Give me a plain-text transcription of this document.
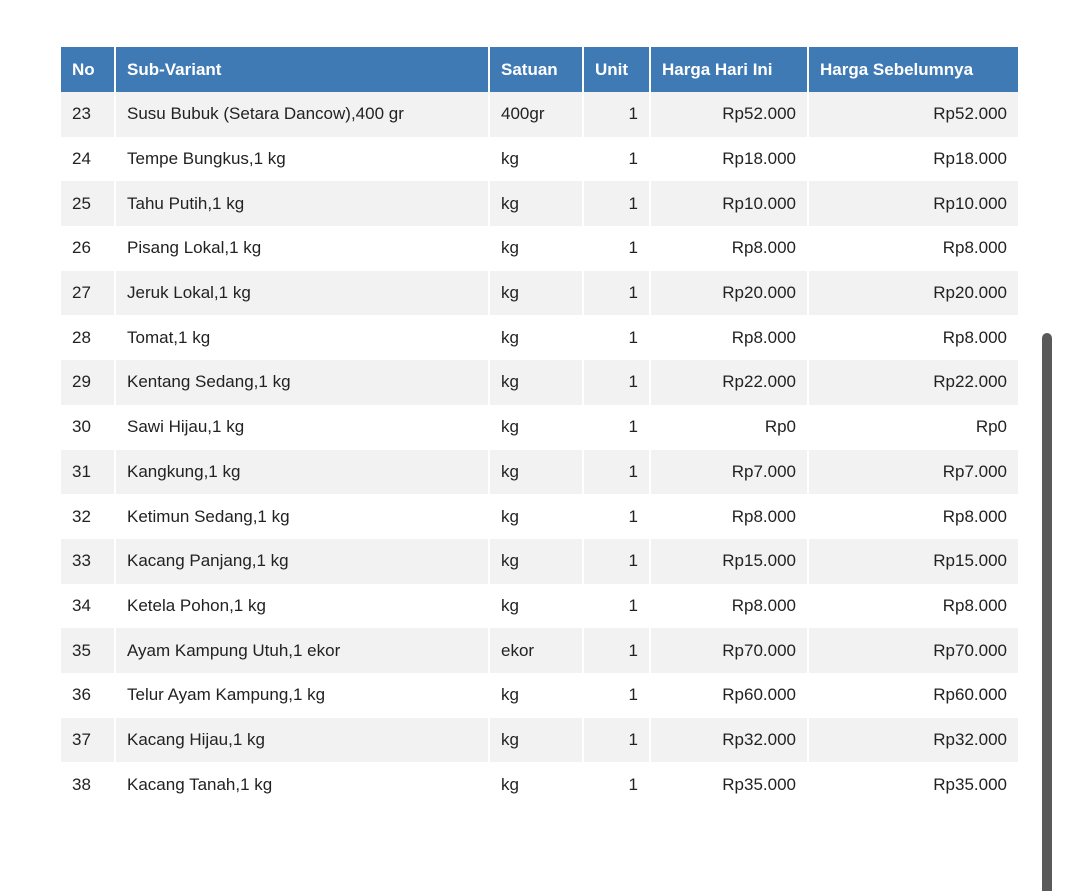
No	Sub-Variant	Satuan	Unit	Harga Hari Ini	Harga Sebelumnya
23	Susu Bubuk (Setara Dancow),400 gr	400gr	1	Rp52.000	Rp52.000
24	Tempe Bungkus,1 kg	kg	1	Rp18.000	Rp18.000
25	Tahu Putih,1 kg	kg	1	Rp10.000	Rp10.000
26	Pisang Lokal,1 kg	kg	1	Rp8.000	Rp8.000
27	Jeruk Lokal,1 kg	kg	1	Rp20.000	Rp20.000
28	Tomat,1 kg	kg	1	Rp8.000	Rp8.000
29	Kentang Sedang,1 kg	kg	1	Rp22.000	Rp22.000
30	Sawi Hijau,1 kg	kg	1	Rp0	Rp0
31	Kangkung,1 kg	kg	1	Rp7.000	Rp7.000
32	Ketimun Sedang,1 kg	kg	1	Rp8.000	Rp8.000
33	Kacang Panjang,1 kg	kg	1	Rp15.000	Rp15.000
34	Ketela Pohon,1 kg	kg	1	Rp8.000	Rp8.000
35	Ayam Kampung Utuh,1 ekor	ekor	1	Rp70.000	Rp70.000
36	Telur Ayam Kampung,1 kg	kg	1	Rp60.000	Rp60.000
37	Kacang Hijau,1 kg	kg	1	Rp32.000	Rp32.000
38	Kacang Tanah,1 kg	kg	1	Rp35.000	Rp35.000
